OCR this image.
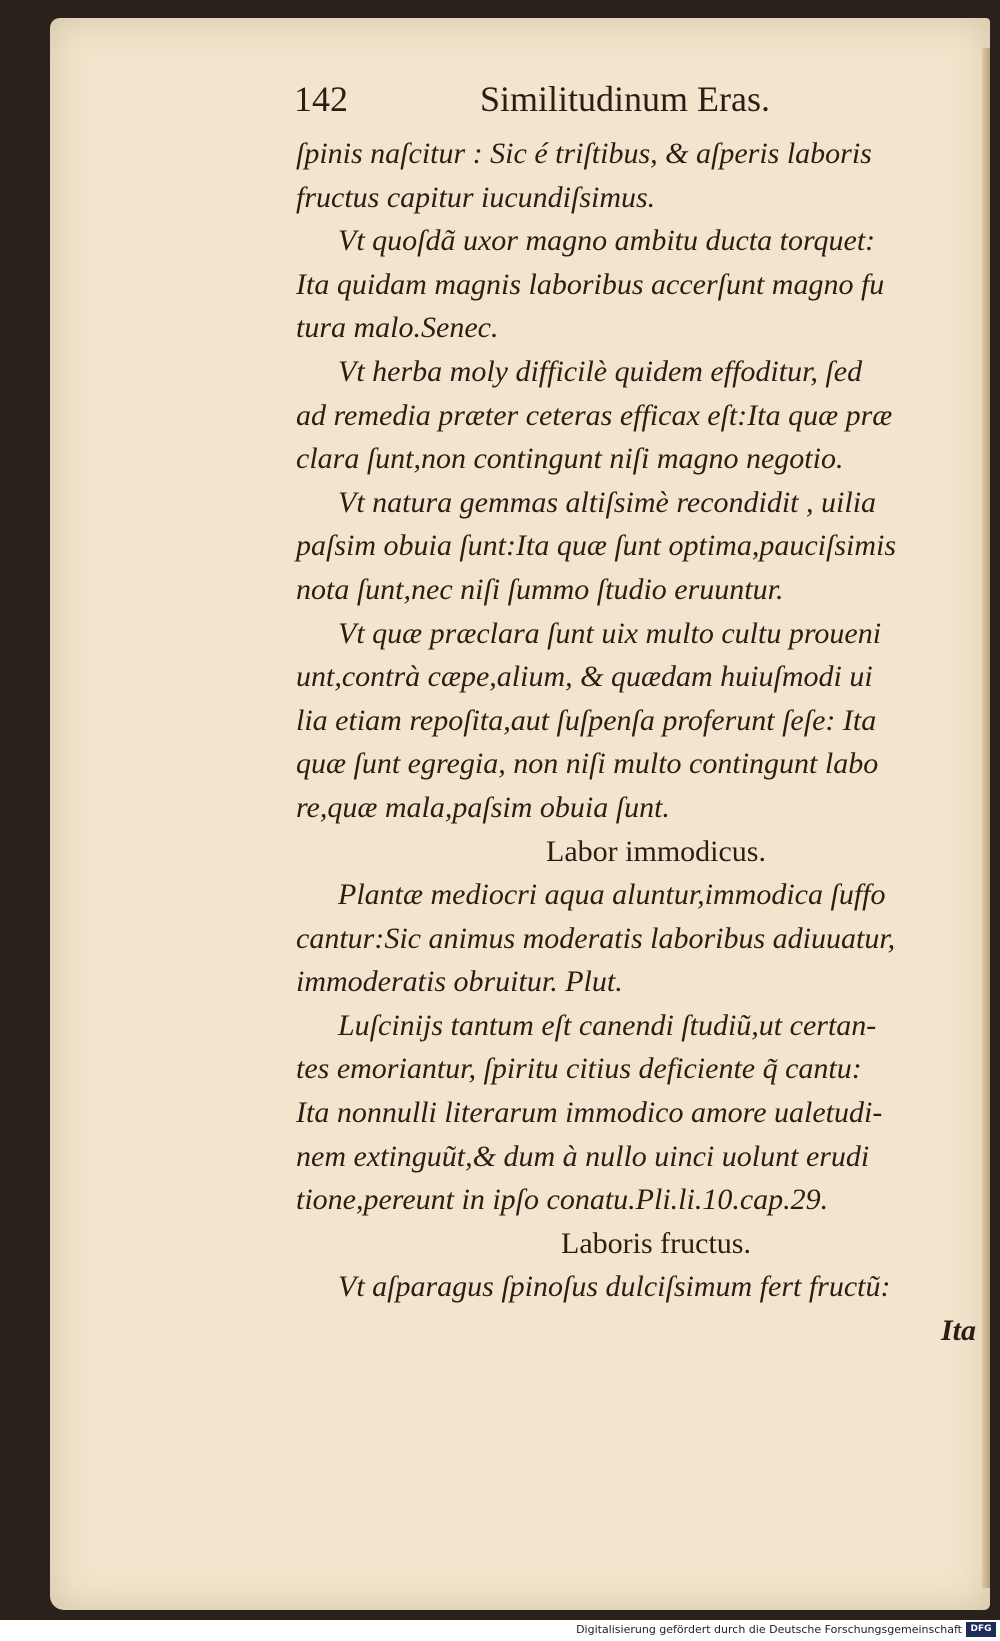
142	Similitudinum Eras.
ſpinis naſcitur : Sic é triſtibus, & aſperis laboris
fructus capitur iucundiſsimus.
Vt quoſdã uxor magno ambitu ducta torquet:
Ita quidam magnis laboribus accerſunt magno fu
tura malo.Senec.
Vt herba moly difficilè quidem effoditur, ſed
ad remedia præter ceteras efficax eſt:Ita quæ præ
clara ſunt,non contingunt niſi magno negotio.
Vt natura gemmas altiſsimè recondidit , uilia
paſsim obuia ſunt:Ita quæ ſunt optima,pauciſsimis
nota ſunt,nec niſi ſummo ſtudio eruuntur.
Vt quæ præclara ſunt uix multo cultu proueni
unt,contrà cæpe,alium, & quædam huiuſmodi ui
lia etiam repoſita,aut ſuſpenſa proferunt ſeſe: Ita
quæ ſunt egregia, non niſi multo contingunt labo
re,quæ mala,paſsim obuia ſunt.
Labor immodicus.
Plantæ mediocri aqua aluntur,immodica ſuffo
cantur:Sic animus moderatis laboribus adiuuatur,
immoderatis obruitur. Plut.
Luſcinijs tantum eſt canendi ſtudiũ,ut certan-
tes emoriantur, ſpiritu citius deficiente q̃ cantu:
Ita nonnulli literarum immodico amore ualetudi-
nem extinguũt,& dum à nullo uinci uolunt erudi
tione,pereunt in ipſo conatu.Pli.li.10.cap.29.
Laboris fructus.
Vt aſparagus ſpinoſus dulciſsimum fert fructũ:
Ita
Digitalisierung gefördert durch die Deutsche Forschungsgemeinschaft DFG
